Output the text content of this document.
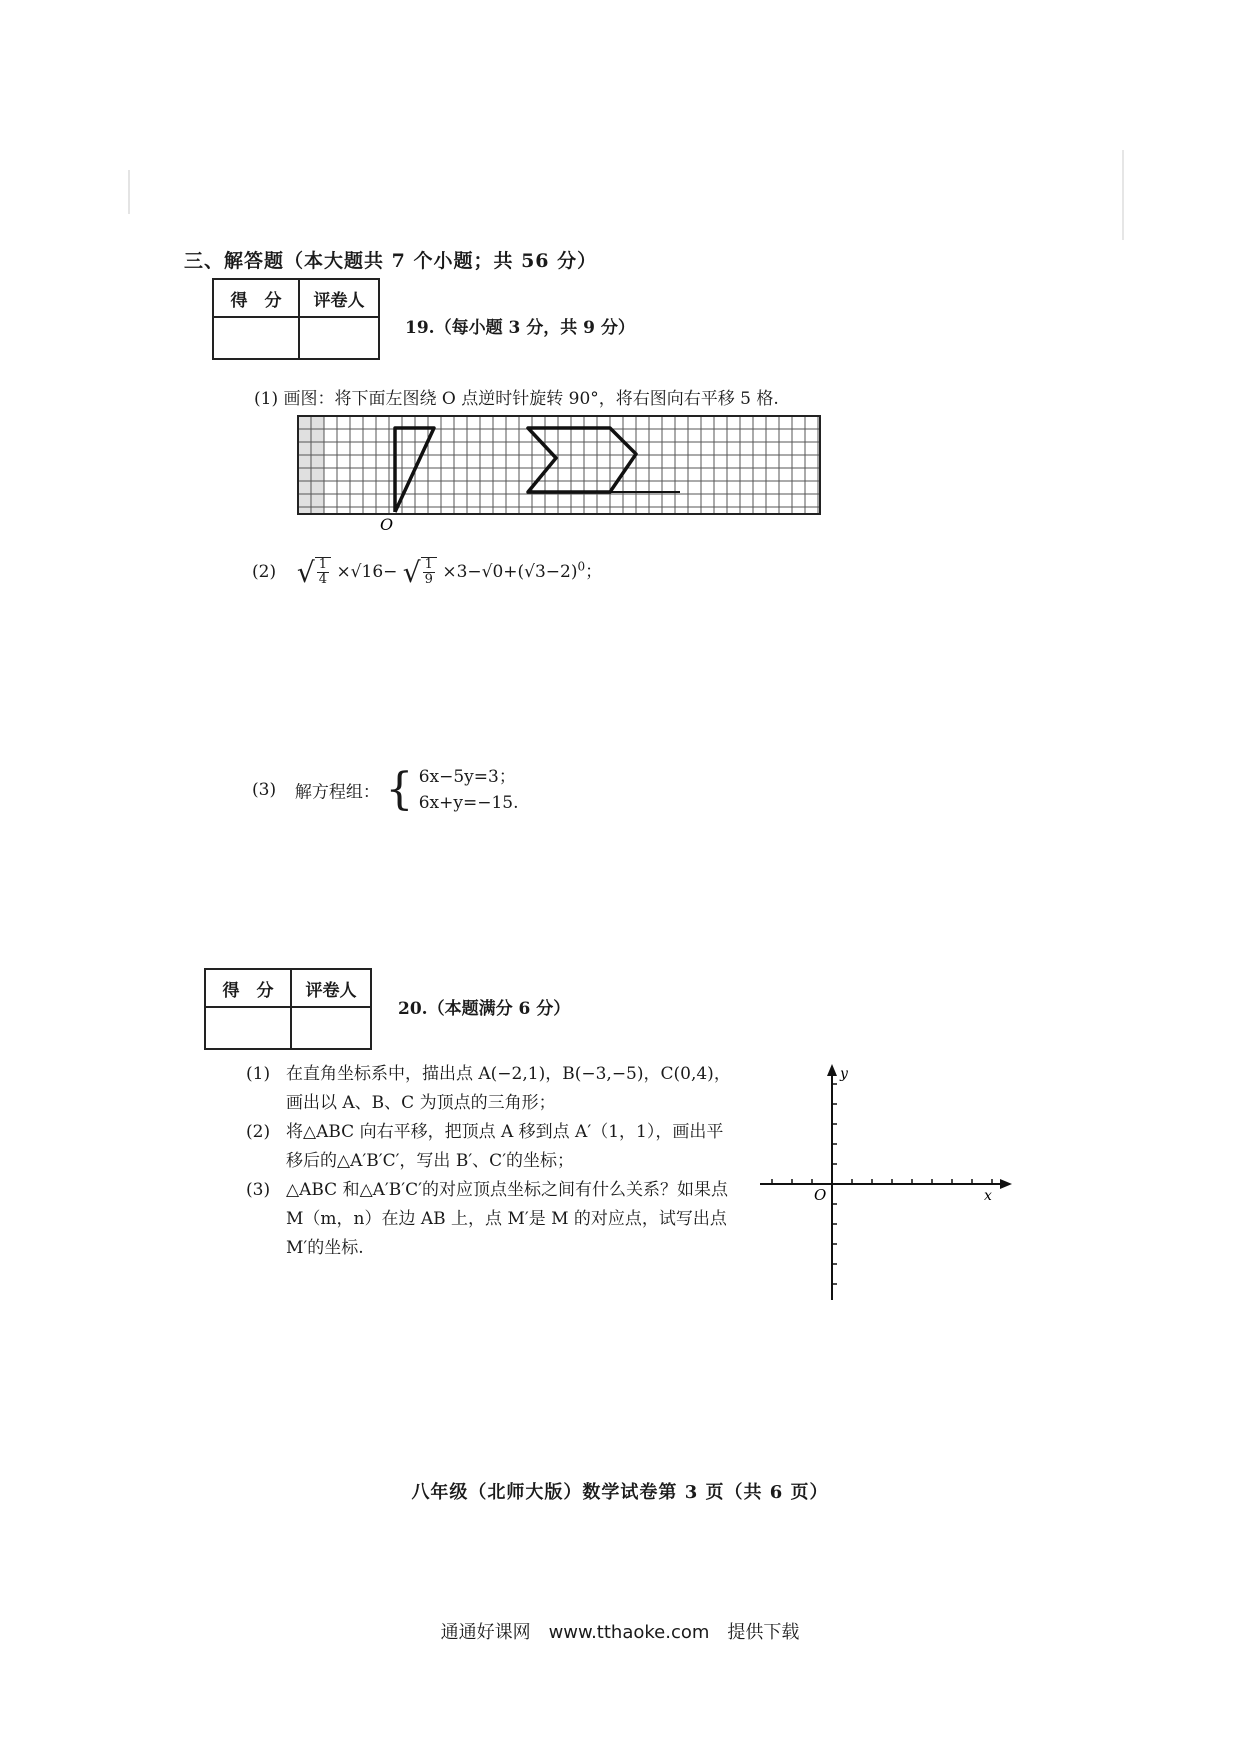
三、解答题（本大题共 7 个小题；共 56 分）
得　分	评卷人

19.（每小题 3 分，共 9 分）
(1) 画图：将下面左图绕 O 点逆时针旋转 90°，将右图向右平移 5 格.
O
(2) √ $\frac{1}{4} \times√16-$ √ $\frac{1}{9} \times 3-√0+(√3-2)^0$；
(3) 解方程组： { 6x−5y=3；
6x+y=−15.
得　分	评卷人

20.（本题满分 6 分）
(1) 在直角坐标系中，描出点 A(−2,1)，B(−3,−5)，C(0,4)，画出以 A、B、C 为顶点的三角形；
(2) 将△ABC 向右平移，把顶点 A 移到点 A′（1，1），画出平移后的△A′B′C′，写出 B′、C′的坐标；
(3) △ABC 和△A′B′C′的对应顶点坐标之间有什么关系？如果点 M（m，n）在边 AB 上，点 M′是 M 的对应点，试写出点 M′的坐标.
y
x
O
八年级（北师大版）数学试卷第 3 页（共 6 页）
通通好课网　www.tthaoke.com　提供下载
